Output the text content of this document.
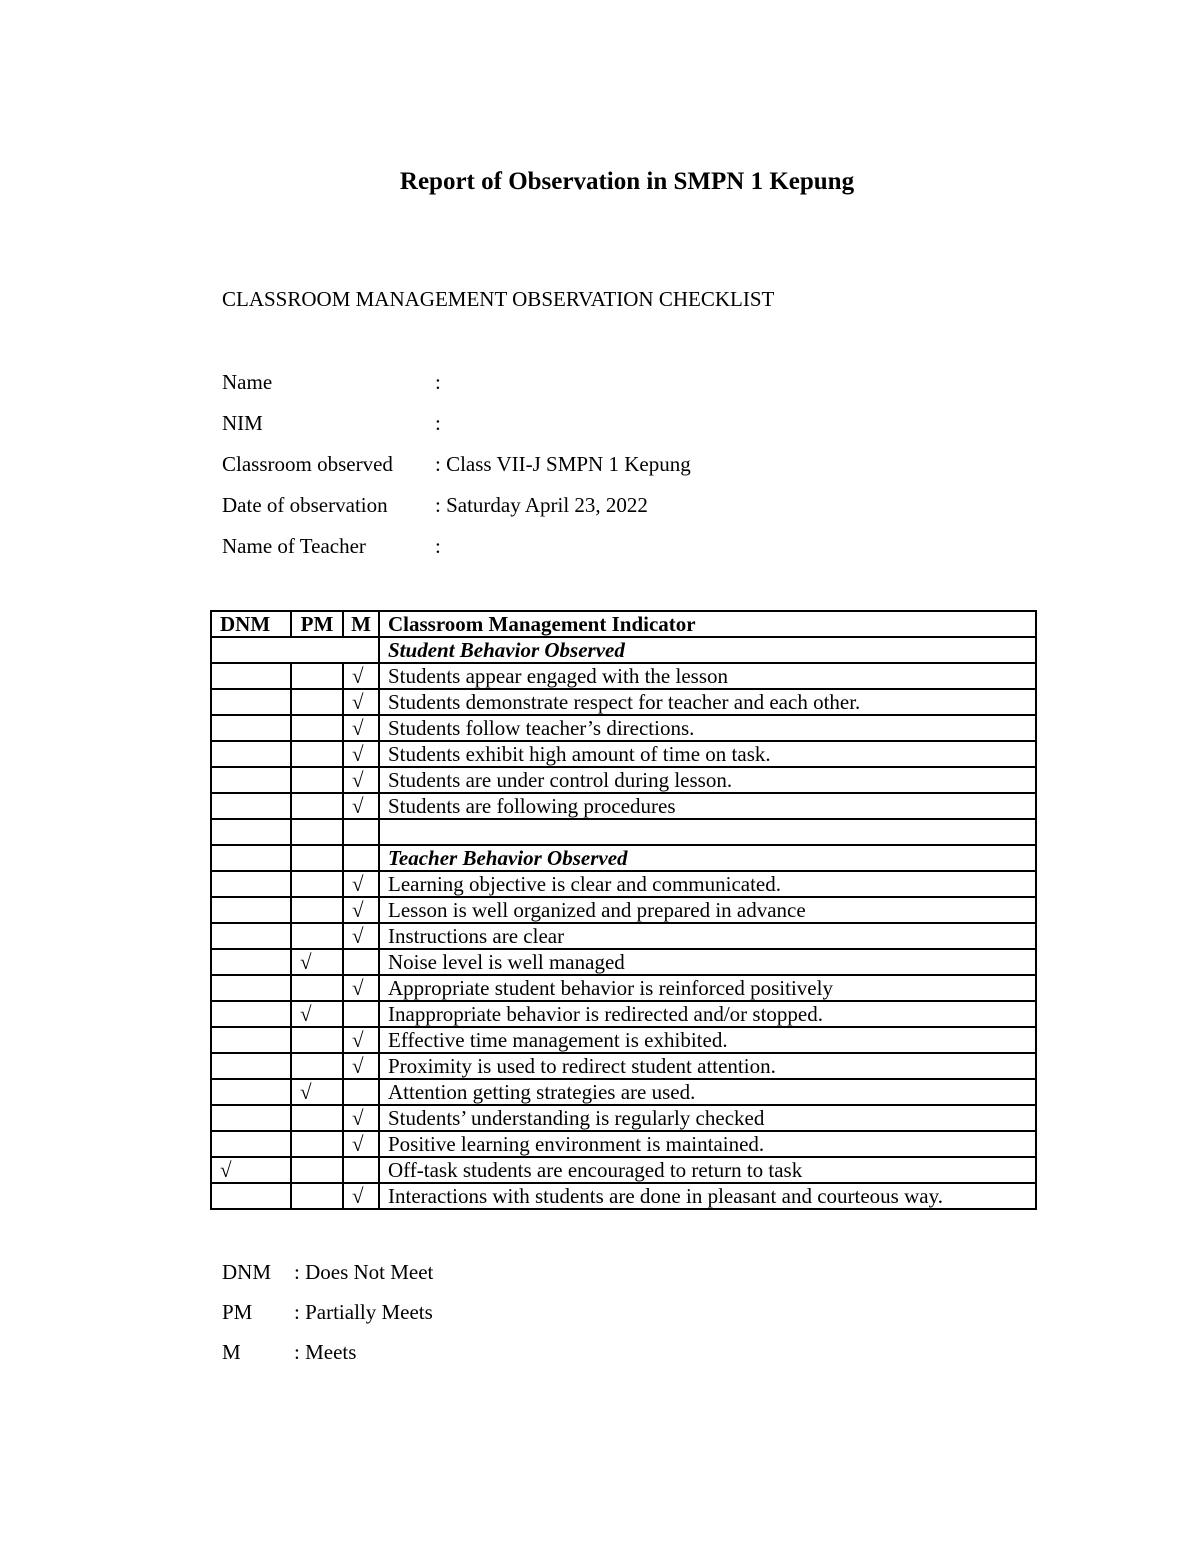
Report of Observation in SMPN 1 Kepung
CLASSROOM MANAGEMENT OBSERVATION CHECKLIST
Name	:
NIM	:
Classroom observed	: Class VII-J SMPN 1 Kepung
Date of observation	: Saturday April 23, 2022
Name of Teacher	:
DNM	PM	M	Classroom Management Indicator
			Student Behavior Observed
		√	Students appear engaged with the lesson
		√	Students demonstrate respect for teacher and each other.
		√	Students follow teacher’s directions.
		√	Students exhibit high amount of time on task.
		√	Students are under control during lesson.
		√	Students are following procedures

			Teacher Behavior Observed
		√	Learning objective is clear and communicated.
		√	Lesson is well organized and prepared in advance
		√	Instructions are clear
	√		Noise level is well managed
		√	Appropriate student behavior is reinforced positively
	√		Inappropriate behavior is redirected and/or stopped.
		√	Effective time management is exhibited.
		√	Proximity is used to redirect student attention.
	√		Attention getting strategies are used.
		√	Students’ understanding is regularly checked
		√	Positive learning environment is maintained.
√			Off-task students are encouraged to return to task
		√	Interactions with students are done in pleasant and courteous way.
DNM	: Does Not Meet
PM	: Partially Meets
M	: Meets
